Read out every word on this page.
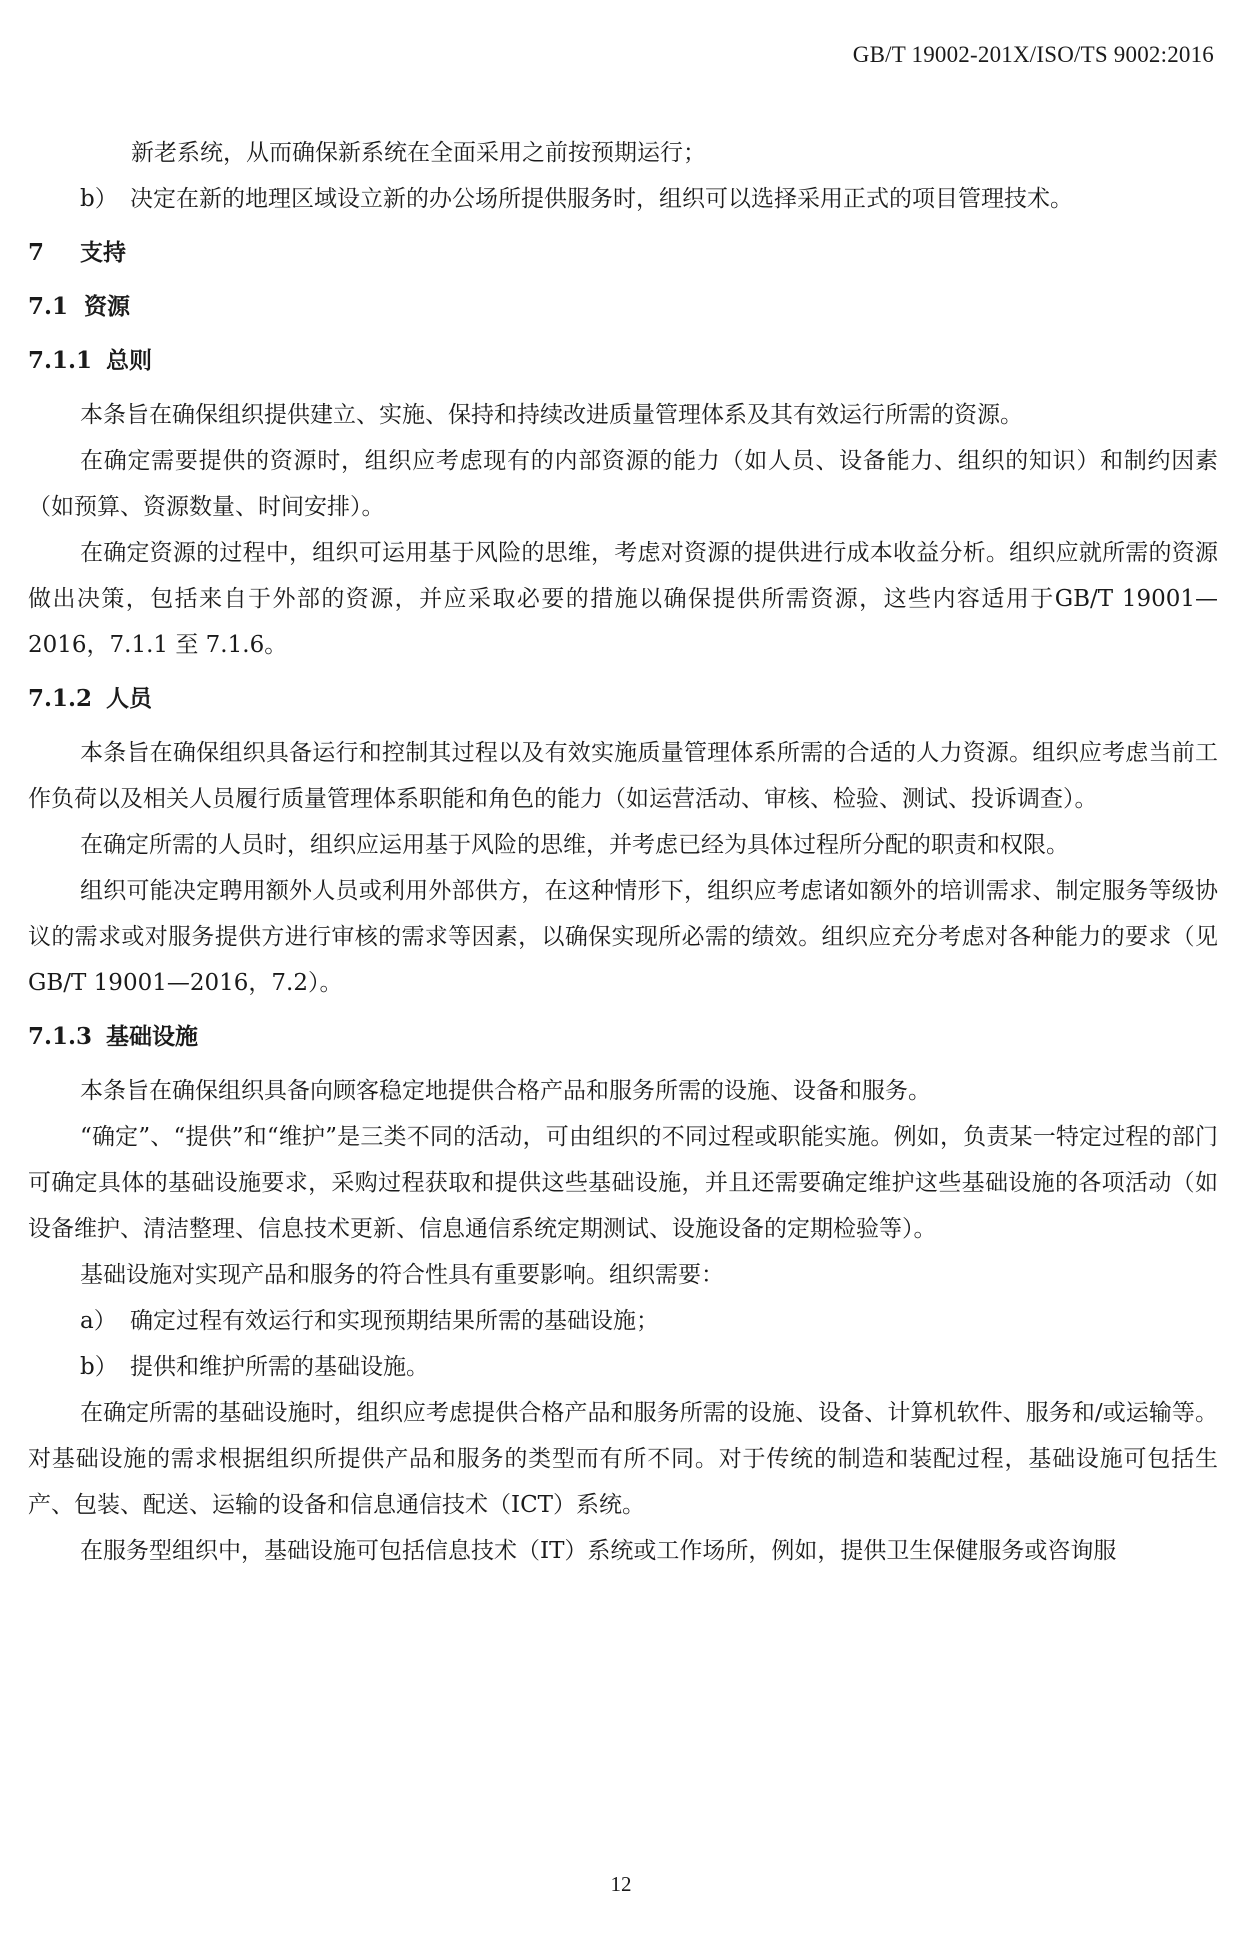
GB/T 19002-201X/ISO/TS 9002:2016

新老系统，从而确保新系统在全面采用之前按预期运行；

b） 决定在新的地理区域设立新的办公场所提供服务时，组织可以选择采用正式的项目管理技术。

7 支持

7.1 资源

7.1.1 总则

本条旨在确保组织提供建立、实施、保持和持续改进质量管理体系及其有效运行所需的资源。

在确定需要提供的资源时，组织应考虑现有的内部资源的能力（如人员、设备能力、组织的知识）和制约因素（如预算、资源数量、时间安排）。

在确定资源的过程中，组织可运用基于风险的思维，考虑对资源的提供进行成本收益分析。组织应就所需的资源做出决策，包括来自于外部的资源，并应采取必要的措施以确保提供所需资源，这些内容适用于GB/T 19001—2016，7.1.1 至 7.1.6。

7.1.2 人员

本条旨在确保组织具备运行和控制其过程以及有效实施质量管理体系所需的合适的人力资源。组织应考虑当前工作负荷以及相关人员履行质量管理体系职能和角色的能力（如运营活动、审核、检验、测试、投诉调查）。

在确定所需的人员时，组织应运用基于风险的思维，并考虑已经为具体过程所分配的职责和权限。

组织可能决定聘用额外人员或利用外部供方，在这种情形下，组织应考虑诸如额外的培训需求、制定服务等级协议的需求或对服务提供方进行审核的需求等因素，以确保实现所必需的绩效。组织应充分考虑对各种能力的要求（见 GB/T 19001—2016，7.2）。

7.1.3 基础设施

本条旨在确保组织具备向顾客稳定地提供合格产品和服务所需的设施、设备和服务。

“确定”、“提供”和“维护”是三类不同的活动，可由组织的不同过程或职能实施。例如，负责某一特定过程的部门可确定具体的基础设施要求，采购过程获取和提供这些基础设施，并且还需要确定维护这些基础设施的各项活动（如设备维护、清洁整理、信息技术更新、信息通信系统定期测试、设施设备的定期检验等）。

基础设施对实现产品和服务的符合性具有重要影响。组织需要：

a） 确定过程有效运行和实现预期结果所需的基础设施；

b） 提供和维护所需的基础设施。

在确定所需的基础设施时，组织应考虑提供合格产品和服务所需的设施、设备、计算机软件、服务和/或运输等。对基础设施的需求根据组织所提供产品和服务的类型而有所不同。对于传统的制造和装配过程，基础设施可包括生产、包装、配送、运输的设备和信息通信技术（ICT）系统。

在服务型组织中，基础设施可包括信息技术（IT）系统或工作场所，例如，提供卫生保健服务或咨询服

12
